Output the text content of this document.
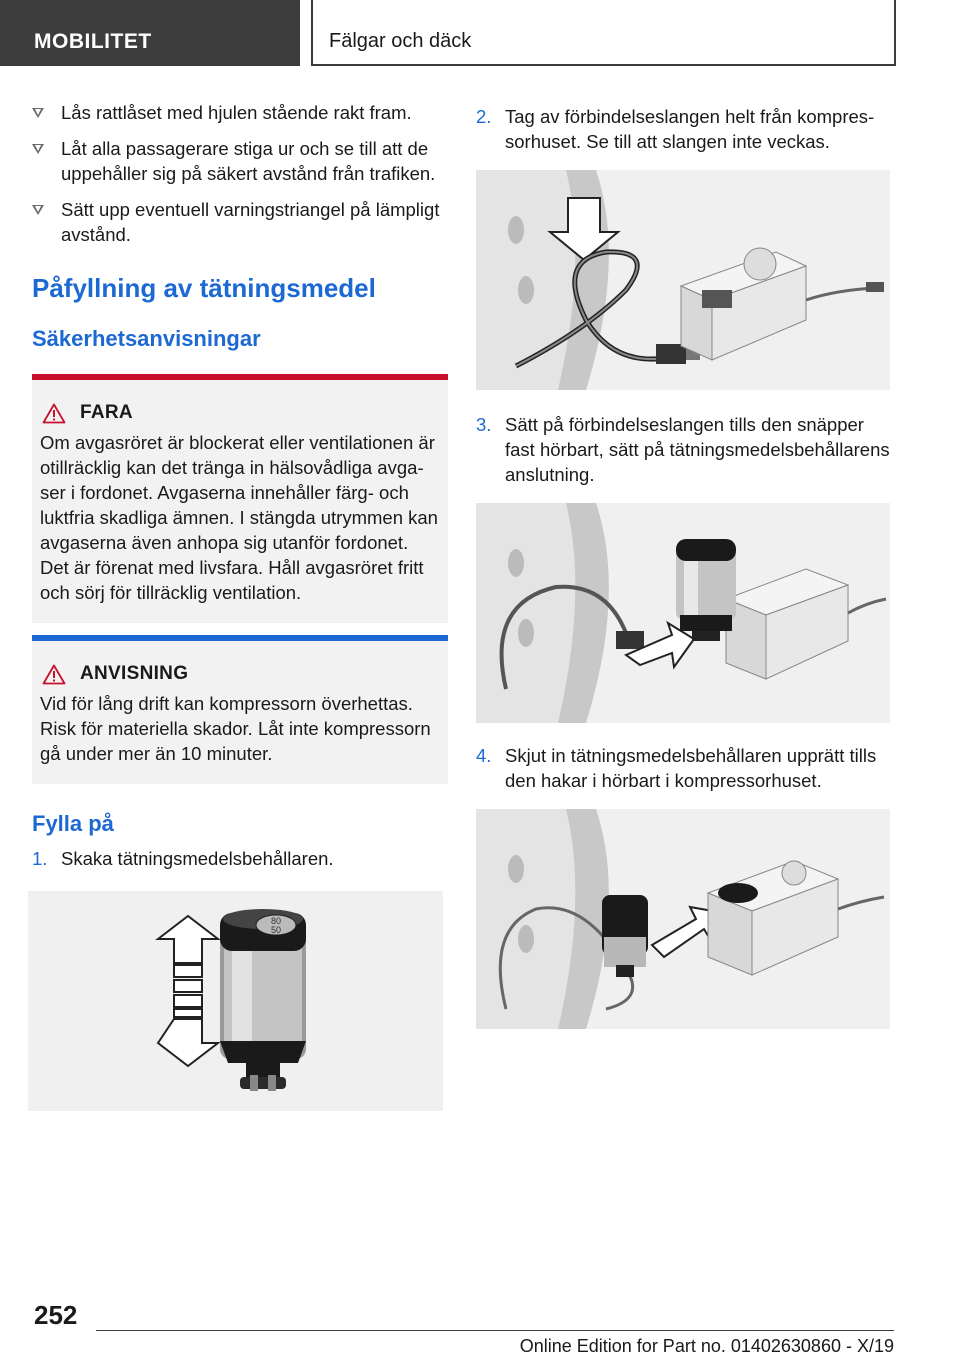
MOBILITET	Fälgar och däck
Lås rattlåset med hjulen stående rakt fram.
Låt alla passagerare stiga ur och se till att de uppehåller sig på säkert avstånd från trafiken.
Sätt upp eventuell varningstriangel på lämpligt avstånd.
Påfyllning av tätningsmedel
Säkerhetsanvisningar
FARA
Om avgasröret är blockerat eller ventilationen är otillräcklig kan det tränga in hälsovådliga avgaser i fordonet. Avgaserna innehåller färg- och luktfria skadliga ämnen. I stängda utrymmen kan avgaserna även anhopa sig utanför fordonet. Det är förenat med livsfara. Håll avgasröret fritt och sörj för tillräcklig ventilation.
ANVISNING
Vid för lång drift kan kompressorn överhettas. Risk för materiella skador. Låt inte kompressorn gå under mer än 10 minuter.
Fylla på
1. Skaka tätningsmedelsbehållaren.
80
50
2. Tag av förbindelseslangen helt från kompressorhuset. Se till att slangen inte veckas.
3. Sätt på förbindelseslangen tills den snäpper fast hörbart, sätt på tätningsmedelsbehållarens anslutning.
4. Skjut in tätningsmedelsbehållaren upprätt tills den hakar i hörbart i kompressorhuset.
252
Online Edition for Part no. 01402630860 - X/19
